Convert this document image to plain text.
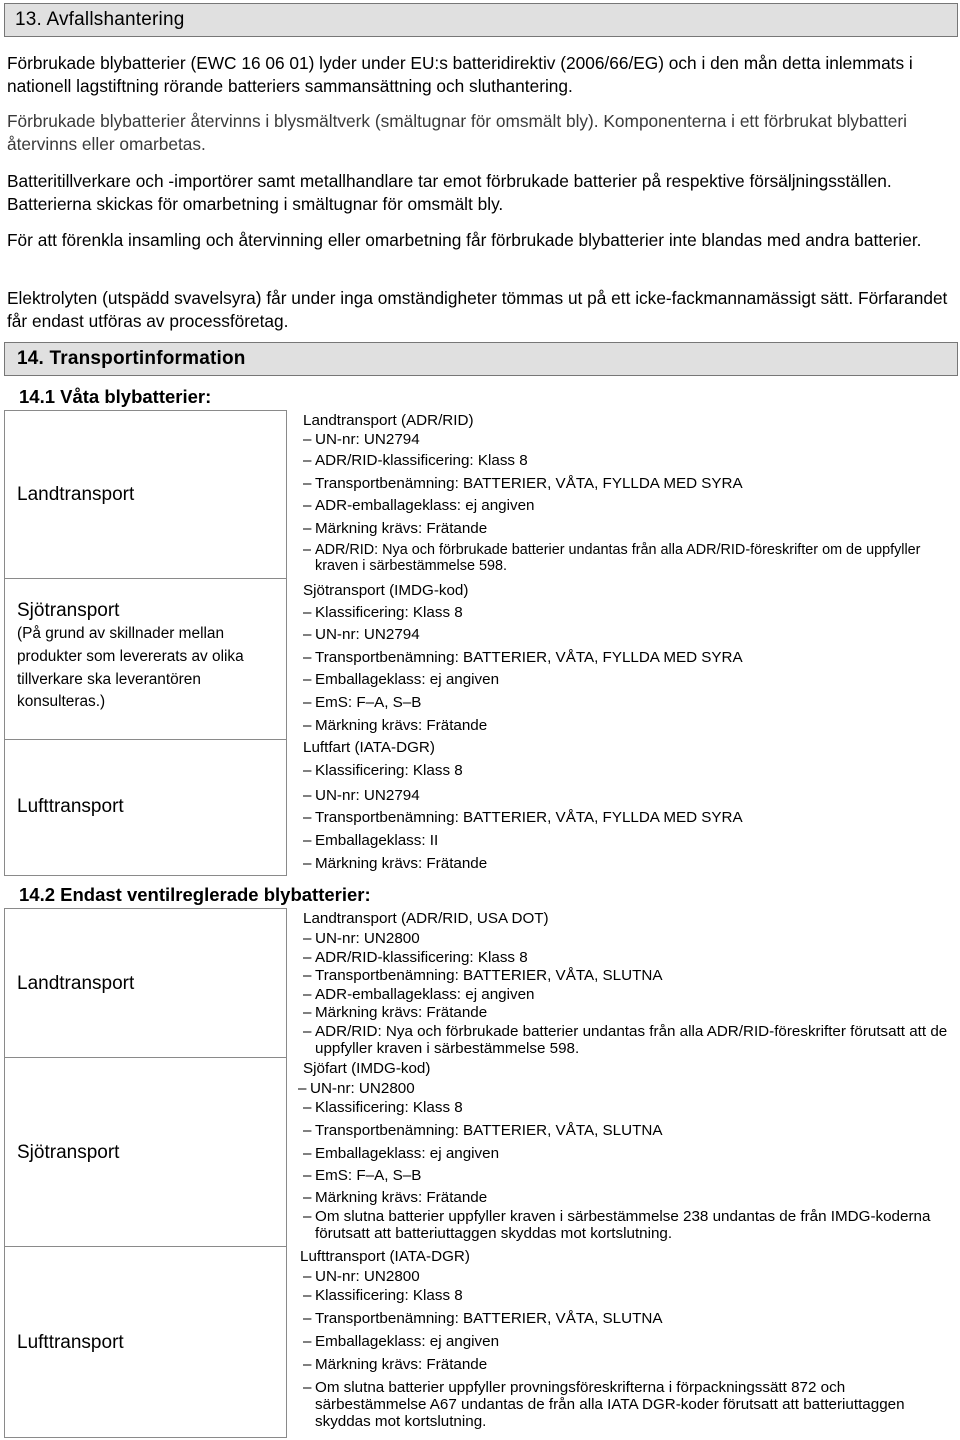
13. Avfallshantering

Förbrukade blybatterier (EWC 16 06 01) lyder under EU:s batteridirektiv (2006/66/EG) och i den mån detta inlemmats i nationell lagstiftning rörande batteriers sammansättning och sluthantering.

Förbrukade blybatterier återvinns i blysmältverk (smältugnar för omsmält bly). Komponenterna i ett förbrukat blybatteri återvinns eller omarbetas.

Batteritillverkare och -importörer samt metallhandlare tar emot förbrukade batterier på respektive försäljningsställen. Batterierna skickas för omarbetning i smältugnar för omsmält bly.

För att förenkla insamling och återvinning eller omarbetning får förbrukade blybatterier inte blandas med andra batterier.

Elektrolyten (utspädd svavelsyra) får under inga omständigheter tömmas ut på ett icke-fackmannamässigt sätt. Förfarandet får endast utföras av processföretag.

14. Transportinformation
14.1 Våta blybatterier:
Landtransport
Sjötransport
(På grund av skillnader mellan produkter som levererats av olika tillverkare ska leverantören konsulteras.)
Lufttransport
Landtransport (ADR/RID)
– UN-nr: UN2794
– ADR/RID-klassificering: Klass 8
– Transportbenämning: BATTERIER, VÅTA, FYLLDA MED SYRA
– ADR-emballageklass: ej angiven
– Märkning krävs: Frätande
– ADR/RID: Nya och förbrukade batterier undantas från alla ADR/RID-föreskrifter om de uppfyller kraven i särbestämmelse 598.
Sjötransport (IMDG-kod)
– Klassificering: Klass 8
– UN-nr: UN2794
– Transportbenämning: BATTERIER, VÅTA, FYLLDA MED SYRA
– Emballageklass: ej angiven
– EmS: F–A, S–B
– Märkning krävs: Frätande
Luftfart (IATA-DGR)
– Klassificering: Klass 8
– UN-nr: UN2794
– Transportbenämning: BATTERIER, VÅTA, FYLLDA MED SYRA
– Emballageklass: II
– Märkning krävs: Frätande
14.2 Endast ventilreglerade blybatterier:
Landtransport
Sjötransport
Lufttransport
Landtransport (ADR/RID, USA DOT)
– UN-nr: UN2800
– ADR/RID-klassificering: Klass 8
– Transportbenämning: BATTERIER, VÅTA, SLUTNA
– ADR-emballageklass: ej angiven
– Märkning krävs: Frätande
– ADR/RID: Nya och förbrukade batterier undantas från alla ADR/RID-föreskrifter förutsatt att de uppfyller kraven i särbestämmelse 598.
Sjöfart (IMDG-kod)
– UN-nr: UN2800
– Klassificering: Klass 8
– Transportbenämning: BATTERIER, VÅTA, SLUTNA
– Emballageklass: ej angiven
– EmS: F–A, S–B
– Märkning krävs: Frätande
– Om slutna batterier uppfyller kraven i särbestämmelse 238 undantas de från IMDG-koderna förutsatt att batteriuttaggen skyddas mot kortslutning.
Lufttransport (IATA-DGR)
– UN-nr: UN2800
– Klassificering: Klass 8
– Transportbenämning: BATTERIER, VÅTA, SLUTNA
– Emballageklass: ej angiven
– Märkning krävs: Frätande
– Om slutna batterier uppfyller provningsföreskrifterna i förpackningssätt 872 och särbestämmelse A67 undantas de från alla IATA DGR-koder förutsatt att batteriuttaggen skyddas mot kortslutning.
